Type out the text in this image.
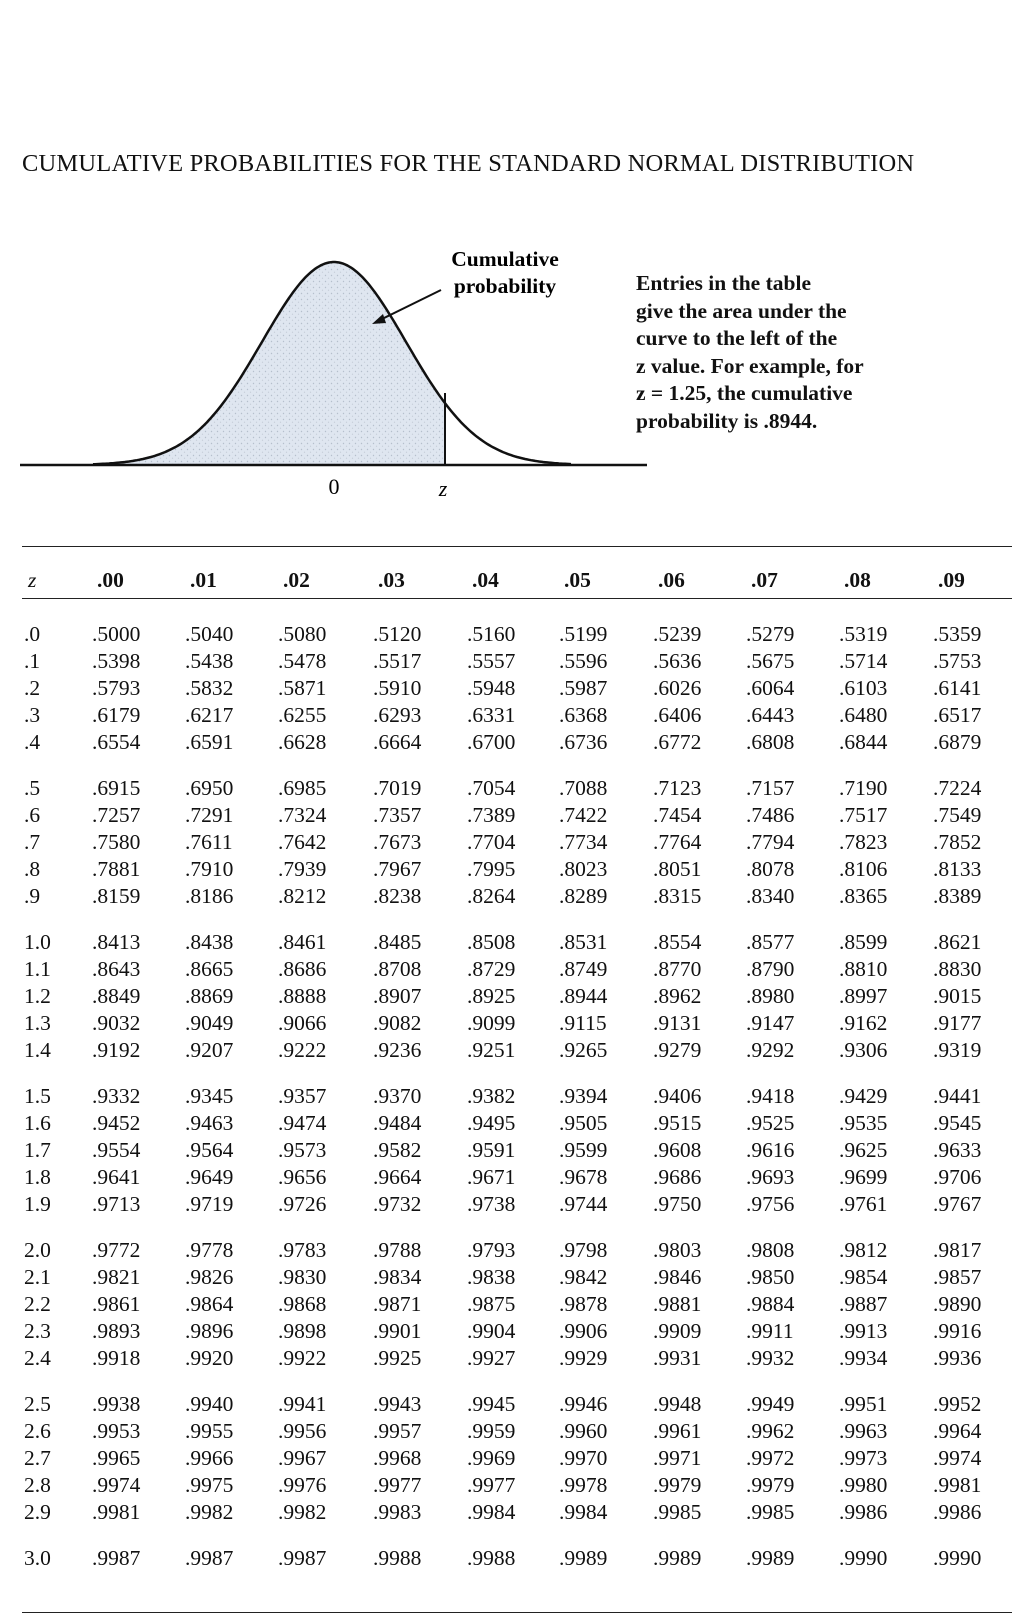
CUMULATIVE PROBABILITIES FOR THE STANDARD NORMAL DISTRIBUTION
Cumulative
probability
0	z
Entries in the table
give the area under the
curve to the left of the
z value. For example, for
z = 1.25, the cumulative
probability is .8944.
z	.00	.01	.02	.03	.04	.05	.06	.07	.08	.09
.0 .5000 .5040 .5080 .5120 .5160 .5199 .5239 .5279 .5319 .5359
.1 .5398 .5438 .5478 .5517 .5557 .5596 .5636 .5675 .5714 .5753
.2 .5793 .5832 .5871 .5910 .5948 .5987 .6026 .6064 .6103 .6141
.3 .6179 .6217 .6255 .6293 .6331 .6368 .6406 .6443 .6480 .6517
.4 .6554 .6591 .6628 .6664 .6700 .6736 .6772 .6808 .6844 .6879
.5 .6915 .6950 .6985 .7019 .7054 .7088 .7123 .7157 .7190 .7224
.6 .7257 .7291 .7324 .7357 .7389 .7422 .7454 .7486 .7517 .7549
.7 .7580 .7611 .7642 .7673 .7704 .7734 .7764 .7794 .7823 .7852
.8 .7881 .7910 .7939 .7967 .7995 .8023 .8051 .8078 .8106 .8133
.9 .8159 .8186 .8212 .8238 .8264 .8289 .8315 .8340 .8365 .8389
1.0 .8413 .8438 .8461 .8485 .8508 .8531 .8554 .8577 .8599 .8621
1.1 .8643 .8665 .8686 .8708 .8729 .8749 .8770 .8790 .8810 .8830
1.2 .8849 .8869 .8888 .8907 .8925 .8944 .8962 .8980 .8997 .9015
1.3 .9032 .9049 .9066 .9082 .9099 .9115 .9131 .9147 .9162 .9177
1.4 .9192 .9207 .9222 .9236 .9251 .9265 .9279 .9292 .9306 .9319
1.5 .9332 .9345 .9357 .9370 .9382 .9394 .9406 .9418 .9429 .9441
1.6 .9452 .9463 .9474 .9484 .9495 .9505 .9515 .9525 .9535 .9545
1.7 .9554 .9564 .9573 .9582 .9591 .9599 .9608 .9616 .9625 .9633
1.8 .9641 .9649 .9656 .9664 .9671 .9678 .9686 .9693 .9699 .9706
1.9 .9713 .9719 .9726 .9732 .9738 .9744 .9750 .9756 .9761 .9767
2.0 .9772 .9778 .9783 .9788 .9793 .9798 .9803 .9808 .9812 .9817
2.1 .9821 .9826 .9830 .9834 .9838 .9842 .9846 .9850 .9854 .9857
2.2 .9861 .9864 .9868 .9871 .9875 .9878 .9881 .9884 .9887 .9890
2.3 .9893 .9896 .9898 .9901 .9904 .9906 .9909 .9911 .9913 .9916
2.4 .9918 .9920 .9922 .9925 .9927 .9929 .9931 .9932 .9934 .9936
2.5 .9938 .9940 .9941 .9943 .9945 .9946 .9948 .9949 .9951 .9952
2.6 .9953 .9955 .9956 .9957 .9959 .9960 .9961 .9962 .9963 .9964
2.7 .9965 .9966 .9967 .9968 .9969 .9970 .9971 .9972 .9973 .9974
2.8 .9974 .9975 .9976 .9977 .9977 .9978 .9979 .9979 .9980 .9981
2.9 .9981 .9982 .9982 .9983 .9984 .9984 .9985 .9985 .9986 .9986
3.0 .9987 .9987 .9987 .9988 .9988 .9989 .9989 .9989 .9990 .9990
